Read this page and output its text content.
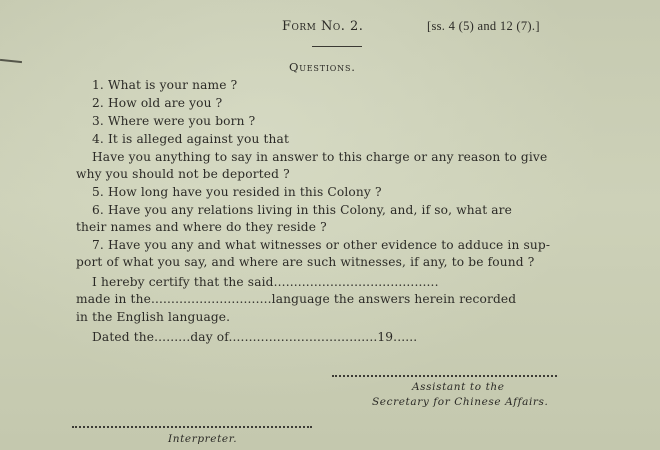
Form No. 2.	[ss. 4 (5) and 12 (7).]
Questions.
1. What is your name ?
2. How old are you ?
3. Where were you born ?
4. It is alleged against you that
Have you anything to say in answer to this charge or any reason to give
why you should not be deported ?
5. How long have you resided in this Colony ?
6. Have you any relations living in this Colony, and, if so, what are
their names and where do they reside ?
7. Have you any and what witnesses or other evidence to adduce in sup-
port of what you say, and where are such witnesses, if any, to be found ?
I hereby certify that the said.........................................
made in the..............................language the answers herein recorded
in the English language.
Dated the.........day of.....................................19......
Assistant to the
Secretary for Chinese Affairs.
Interpreter.
